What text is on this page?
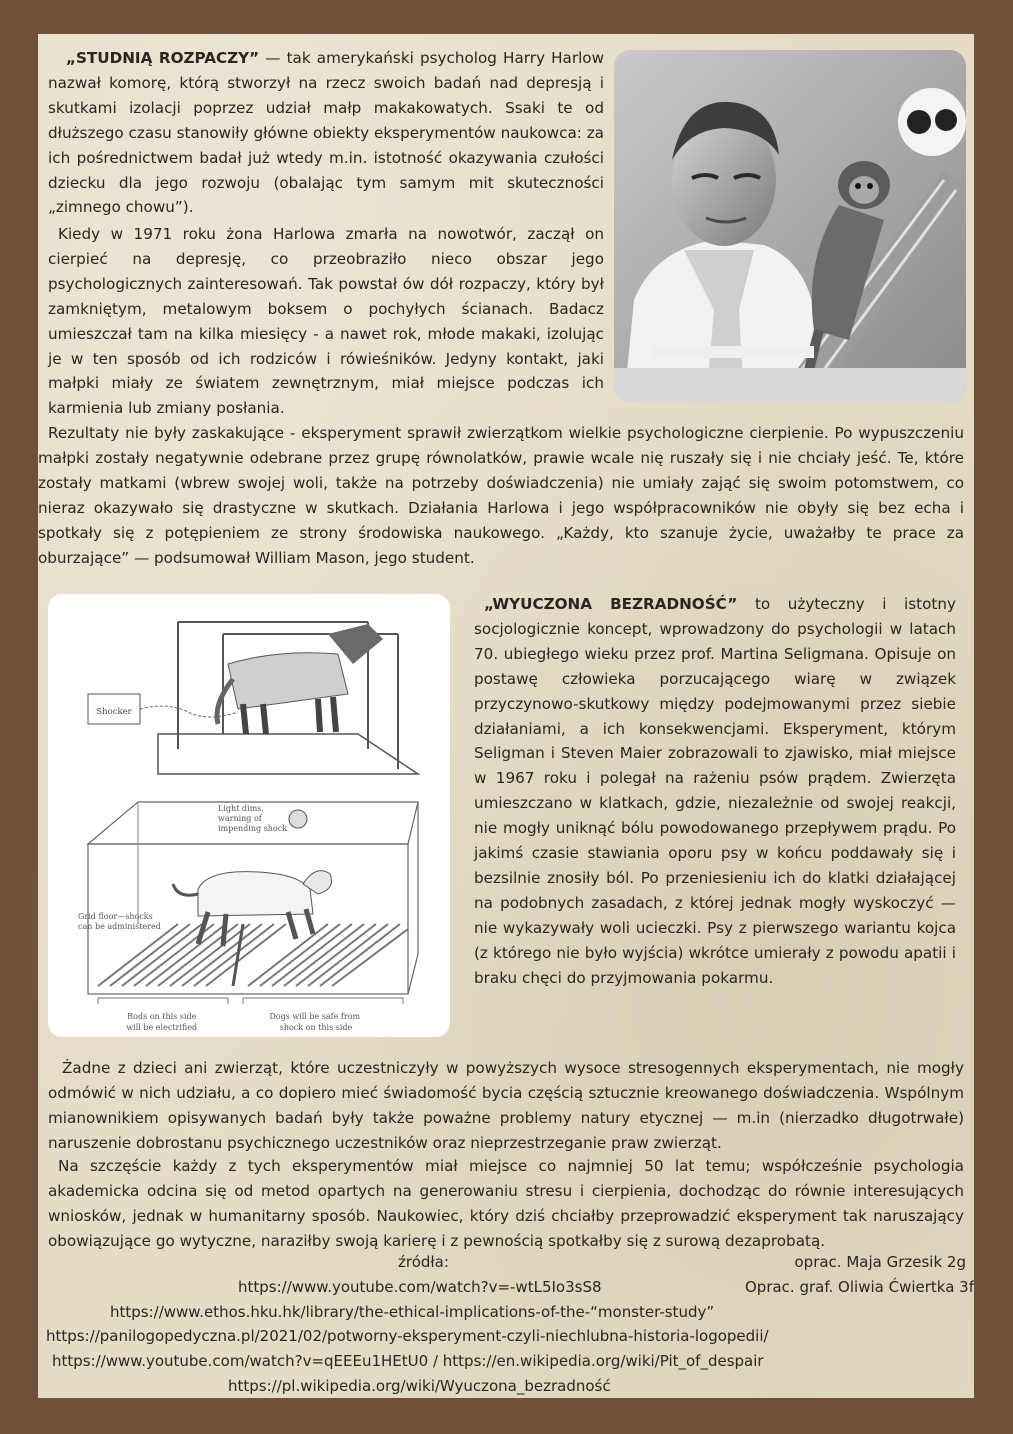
„STUDNIĄ ROZPACZY” — tak amerykański psycholog Harry Harlow nazwał komorę, którą stworzył na rzecz swoich badań nad depresją i skutkami izolacji poprzez udział małp makakowatych. Ssaki te od dłuższego czasu stanowiły główne obiekty eksperymentów naukowca: za ich pośrednictwem badał już wtedy m.in. istotność okazywania czułości dziecku dla jego rozwoju (obalając tym samym mit skuteczności „zimnego chowu”).

Kiedy w 1971 roku żona Harlowa zmarła na nowotwór, zaczął on cierpieć na depresję, co przeobraziło nieco obszar jego psychologicznych zainteresowań. Tak powstał ów dół rozpaczy, który był zamkniętym, metalowym boksem o pochyłych ścianach. Badacz umieszczał tam na kilka miesięcy - a nawet rok, młode makaki, izolując je w ten sposób od ich rodziców i rówieśników. Jedyny kontakt, jaki małpki miały ze światem zewnętrznym, miał miejsce podczas ich karmienia lub zmiany posłania.

Rezultaty nie były zaskakujące - eksperyment sprawił zwierzątkom wielkie psychologiczne cierpienie. Po wypuszczeniu małpki zostały negatywnie odebrane przez grupę równolatków, prawie wcale nię ruszały się i nie chciały jeść. Te, które zostały matkami (wbrew swojej woli, także na potrzeby doświadczenia) nie umiały zająć się swoim potomstwem, co nieraz okazywało się drastyczne w skutkach. Działania Harlowa i jego współpracowników nie obyły się bez echa i spotkały się z potępieniem ze strony środowiska naukowego. „Każdy, kto szanuje życie, uważałby te prace za oburzające” — podsumował William Mason, jego student.

Shocker
Light dims, warning of impending shock
Grid floor—shocks can be administered
Rods on this side will be electrified Dogs will be safe from shock on this side

„WYUCZONA BEZRADNOŚĆ” to użyteczny i istotny socjologicznie koncept, wprowadzony do psychologii w latach 70. ubiegłego wieku przez prof. Martina Seligmana. Opisuje on postawę człowieka porzucającego wiarę w związek przyczynowo-skutkowy między podejmowanymi przez siebie działaniami, a ich konsekwencjami. Eksperyment, którym Seligman i Steven Maier zobrazowali to zjawisko, miał miejsce w 1967 roku i polegał na rażeniu psów prądem. Zwierzęta umieszczano w klatkach, gdzie, niezależnie od swojej reakcji, nie mogły uniknąć bólu powodowanego przepływem prądu. Po jakimś czasie stawiania oporu psy w końcu poddawały się i bezsilnie znosiły ból. Po przeniesieniu ich do klatki działającej na podobnych zasadach, z której jednak mogły wyskoczyć — nie wykazywały woli ucieczki. Psy z pierwszego wariantu kojca (z którego nie było wyjścia) wkrótce umierały z powodu apatii i braku chęci do przyjmowania pokarmu.

Żadne z dzieci ani zwierząt, które uczestniczyły w powyższych wysoce stresogennych eksperymentach, nie mogły odmówić w nich udziału, a co dopiero mieć świadomość bycia częścią sztucznie kreowanego doświadczenia. Wspólnym mianownikiem opisywanych badań były także poważne problemy natury etycznej — m.in (nierzadko długotrwałe) naruszenie dobrostanu psychicznego uczestników oraz nieprzestrzeganie praw zwierząt.

Na szczęście każdy z tych eksperymentów miał miejsce co najmniej 50 lat temu; współcześnie psychologia akademicka odcina się od metod opartych na generowaniu stresu i cierpienia, dochodząc do równie interesujących wniosków, jednak w humanitarny sposób. Naukowiec, który dziś chciałby przeprowadzić eksperyment tak naruszający obowiązujące go wytyczne, naraziłby swoją karierę i z pewnością spotkałby się z surową dezaprobatą.

źródła:
https://www.youtube.com/watch?v=-wtL5Io3sS8
https://www.ethos.hku.hk/library/the-ethical-implications-of-the-“monster-study”
https://panilogopedyczna.pl/2021/02/potworny-eksperyment-czyli-niechlubna-historia-logopedii/
https://www.youtube.com/watch?v=qEEEu1HEtU0 / https://en.wikipedia.org/wiki/Pit_of_despair
https://pl.wikipedia.org/wiki/Wyuczona_bezradność
oprac. Maja Grzesik 2g
Oprac. graf. Oliwia Ćwiertka 3f
